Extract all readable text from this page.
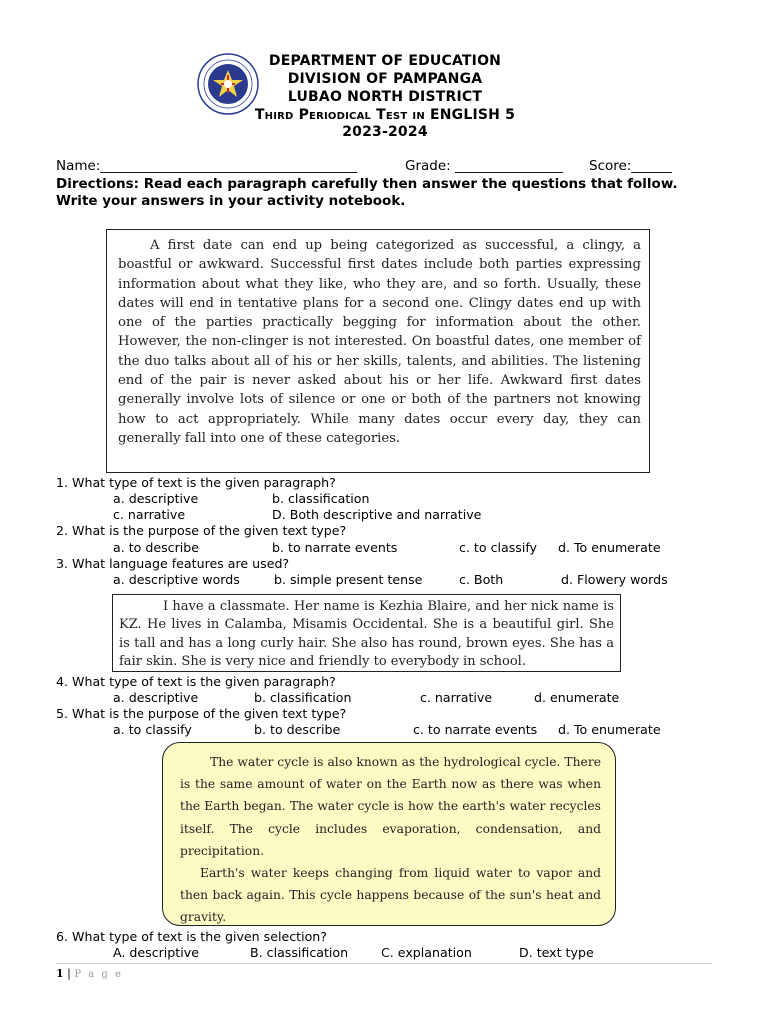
DEPARTMENT OF EDUCATION
DIVISION OF PAMPANGA
LUBAO NORTH DISTRICT
Third Periodical Test in ENGLISH 5
2023-2024
Name:______________________________________	Grade: ________________ Score:______
Directions: Read each paragraph carefully then answer the questions that follow. Write your answers in your activity notebook.
A first date can end up being categorized as successful, a clingy, a boastful or awkward. Successful first dates include both parties expressing information about what they like, who they are, and so forth. Usually, these dates will end in tentative plans for a second one. Clingy dates end up with one of the parties practically begging for information about the other. However, the non-clinger is not interested. On boastful dates, one member of the duo talks about all of his or her skills, talents, and abilities. The listening end of the pair is never asked about his or her life. Awkward first dates generally involve lots of silence or one or both of the partners not knowing how to act appropriately. While many dates occur every day, they can generally fall into one of these categories.
1. What type of text is the given paragraph?
a. descriptive	b. classification
c. narrative	D. Both descriptive and narrative
2. What is the purpose of the given text type?
a. to describe	b. to narrate events	c. to classify d. To enumerate
3. What language features are used?
a. descriptive words	b. simple present tense	c. Both	d. Flowery words
I have a classmate. Her name is Kezhia Blaire, and her nick name is KZ. He lives in Calamba, Misamis Occidental. She is a beautiful girl. She is tall and has a long curly hair. She also has round, brown eyes. She has a fair skin. She is very nice and friendly to everybody in school.
4. What type of text is the given paragraph?
a. descriptive	b. classification	c. narrative	d. enumerate
5. What is the purpose of the given text type?
a. to classify	b. to describe	c. to narrate events d. To enumerate
The water cycle is also known as the hydrological cycle. There is the same amount of water on the Earth now as there was when the Earth began. The water cycle is how the earth's water recycles itself. The cycle includes evaporation, condensation, and precipitation.
Earth's water keeps changing from liquid water to vapor and then back again. This cycle happens because of the sun's heat and gravity.
6. What type of text is the given selection?
A. descriptive	B. classification	C. explanation	D. text type
1 | P a g e
